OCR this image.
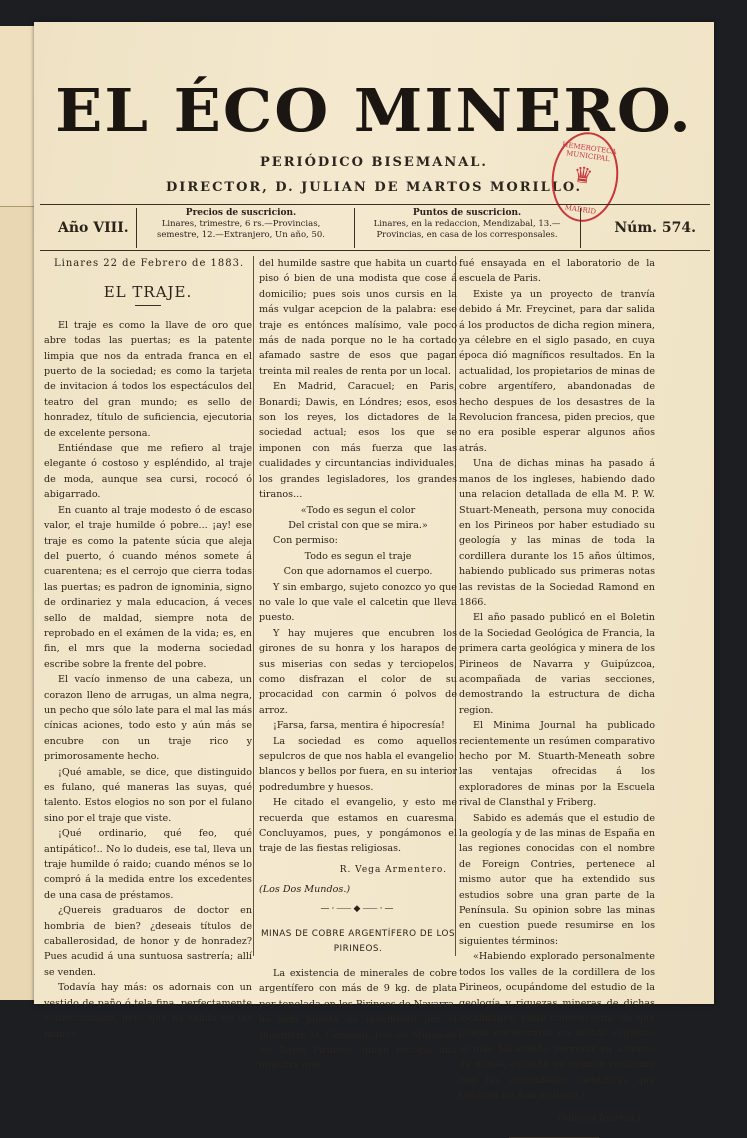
EL ÉCO MINERO.
PERIÓDICO BISEMANAL.
DIRECTOR, D. JULIAN DE MARTOS MORILLO.
HEMEROTECA MUNICIPAL
♛
MADRID
Año VIII.
Precios de suscricion.
Linares, trimestre, 6 rs.—Provincias, semestre, 12.—Extranjero, Un año, 50.
Puntos de suscricion.
Linares, en la redaccion, Mendizabal, 13.—Provincias, en casa de los corresponsales.	Núm. 574.

Linares 22 de Febrero de 1883.

EL TRAJE.

El traje es como la llave de oro que abre todas las puertas; es la patente limpia que nos da entrada franca en el puerto de la sociedad; es como la tarjeta de invitacion á todos los espectáculos del teatro del gran mundo; es sello de honradez, título de suficiencia, ejecutoria de excelente persona.

Entiéndase que me refiero al traje elegante ó costoso y espléndido, al traje de moda, aunque sea cursi, rococó ó abigarrado.

En cuanto al traje modesto ó de escaso valor, el traje humilde ó pobre... ¡ay! ese traje es como la patente súcia que aleja del puerto, ó cuando ménos somete á cuarentena; es el cerrojo que cierra todas las puertas; es padron de ignominia, signo de ordinariez y mala educacion, á veces sello de maldad, siempre nota de reprobado en el exámen de la vida; es, en fin, el mrs que la moderna sociedad escribe sobre la frente del pobre.

El vacío inmenso de una cabeza, un corazon lleno de arrugas, un alma negra, un pecho que sólo late para el mal las más cínicas aciones, todo esto y aún más se encubre con un traje rico y primorosamente hecho.

¡Qué amable, se dice, que distinguido es fulano, qué maneras las suyas, qué talento. Estos elogios no son por el fulano sino por el traje que viste.

¡Qué ordinario, qué feo, qué antipático!.. No lo dudeis, ese tal, lleva un traje humilde ó raido; cuando ménos se lo compró á la medida entre los excedentes de una casa de préstamos.

¿Quereis graduaros de doctor en hombria de bien? ¿deseais títulos de caballerosidad, de honor y de honradez? Pues acudid á una suntuosa sastrería; allí se venden.

Todavía hay más: os adornais con un vestido de paño ó tela fina, perfectamente confeccionado, pero que ha salido de las manos

del humilde sastre que habita un cuarto piso ó bien de una modista que cose á domicilio; pues sois unos cursis en la más vulgar acepcion de la palabra: ese traje es entónces malísimo, vale poco más de nada porque no le ha cortado afamado sastre de esos que pagan treinta mil reales de renta por un local.

En Madrid, Caracuel; en Paris, Bonardi; Dawis, en Lóndres; esos, esos son los reyes, los dictadores de la sociedad actual; esos los que se imponen con más fuerza que las cualidades y circuntancias individuales, los grandes legisladores, los grandes tiranos...

«Todo es segun el color

Del cristal con que se mira.»

Con permiso:

Todo es segun el traje

Con que adornamos el cuerpo.

Y sin embargo, sujeto conozco yo que no vale lo que vale el calcetin que lleva puesto.

Y hay mujeres que encubren los girones de su honra y los harapos de sus miserias con sedas y terciopelos, como disfrazan el color de su procacidad con carmin ó polvos de arroz.

¡Farsa, farsa, mentira é hipocresía!

La sociedad es como aquellos sepulcros de que nos habla el evangelio: blancos y bellos por fuera, en su interior podredumbre y huesos.

He citado el evangelio, y esto me recuerda que estamos en cuaresma. Concluyamos, pues, y pongámonos el traje de las fiestas religiosas.

R. Vega Armentero.

(Los Dos Mundos.)

—·⸺◆⸺·—

MINAS DE COBRE ARGENTÍFERO DE LOS PIRINEOS.

La existencia de minerales de cobre argentífero con más de 9 kg. de plata por tonelada en los Pirineos de Navarra, ha sido puesta de manifiesto por el Ingeniero M. Genseau, Jefe de Minas de los Bajos Pirineos, quien recogió una muestra que

fué ensayada en el laboratorio de la escuela de Paris.

Existe ya un proyecto de tranvía debido á Mr. Freycinet, para dar salida á los productos de dicha region minera, ya célebre en el siglo pasado, en cuya época dió magníficos resultados. En la actualidad, los propietarios de minas de cobre argentífero, abandonadas de hecho despues de los desastres de la Revolucion francesa, piden precios, que no era posible esperar algunos años atrás.

Una de dichas minas ha pasado á manos de los ingleses, habiendo dado una relacion detallada de ella M. P. W. Stuart-Meneath, persona muy conocida en los Pirineos por haber estudiado su geología y las minas de toda la cordillera durante los 15 años últimos, habiendo publicado sus primeras notas las revistas de la Sociedad Ramond en 1866.

El año pasado publicó en el Boletin de la Sociedad Geológica de Francia, la primera carta geológica y minera de los Pirineos de Navarra y Guipúzcoa, acompañada de varias secciones, demostrando la estructura de dicha region.

El Minima Journal ha publicado recientemente un resúmen comparativo hecho por M. Stuarth-Meneath sobre las ventajas ofrecidas á los exploradores de minas por la Escuela rival de Clansthal y Friberg.

Sabido es además que el estudio de la geología y de las minas de España en las regiones conocidas con el nombre de Foreign Contries, pertenece al mismo autor que ha extendido sus estudios sobre una gran parte de la Península. Su opinion sobre las minas en cuestion puede resumirse en los siguientes términos:

«Habiendo explorado personalmente todos los valles de la cordillera de los Pirineos, ocupándome del estudio de la geología y riquezas mineras de dichas localidades, pude convencerme de que puede encontrarse en dichas regiones el mas halagüeño porvenir en asuntos de minas, estando mi opinion conforme con las autoridades científicas que tambien las han visitado.»

(Mining Journal.)
